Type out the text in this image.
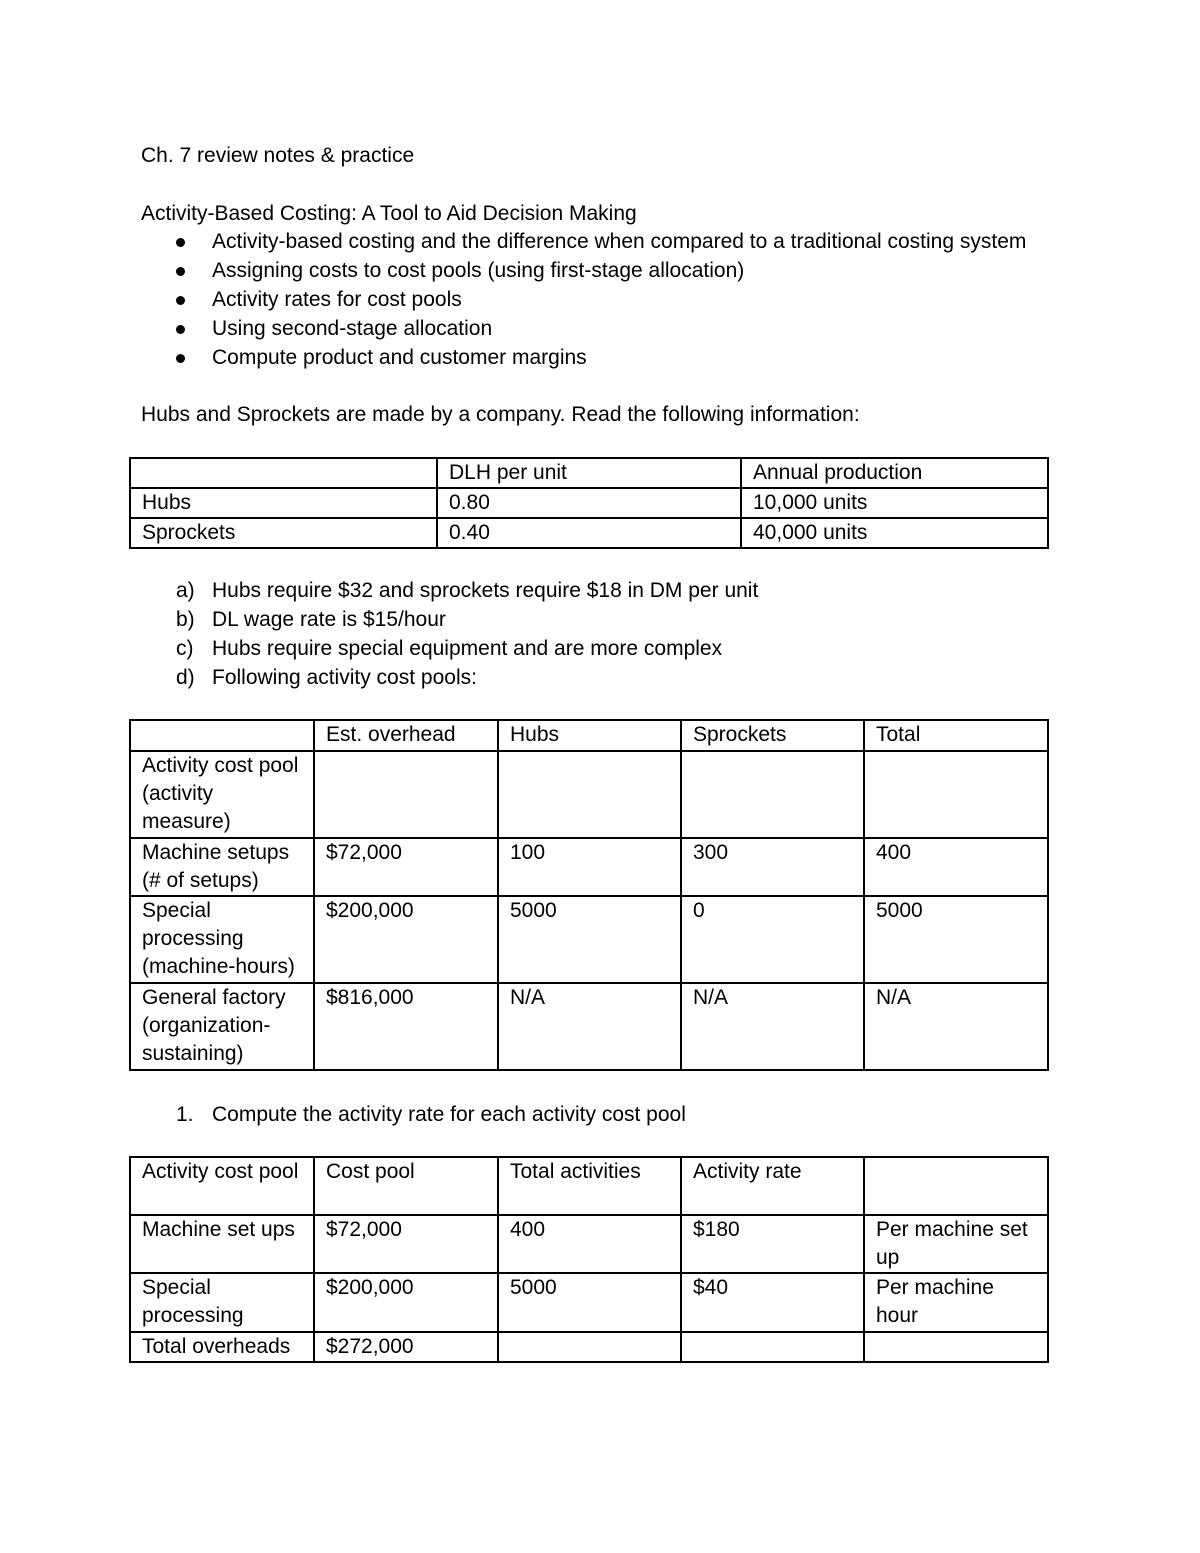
Ch. 7 review notes & practice
Activity-Based Costing: A Tool to Aid Decision Making
Activity-based costing and the difference when compared to a traditional costing system
Assigning costs to cost pools (using first-stage allocation)
Activity rates for cost pools
Using second-stage allocation
Compute product and customer margins
Hubs and Sprockets are made by a company. Read the following information:
	DLH per unit	Annual production
Hubs	0.80	10,000 units
Sprockets	0.40	40,000 units
a) Hubs require $32 and sprockets require $18 in DM per unit
b) DL wage rate is $15/hour
c) Hubs require special equipment and are more complex
d) Following activity cost pools:
	Est. overhead	Hubs	Sprockets	Total
Activity cost pool (activity measure)				
Machine setups (# of setups)	$72,000	100	300	400
Special processing (machine-hours)	$200,000	5000	0	5000
General factory (organization-sustaining)	$816,000	N/A	N/A	N/A
1. Compute the activity rate for each activity cost pool
Activity cost pool	Cost pool	Total activities	Activity rate	
Machine set ups	$72,000	400	$180	Per machine set up
Special processing	$200,000	5000	$40	Per machine hour
Total overheads	$272,000			
